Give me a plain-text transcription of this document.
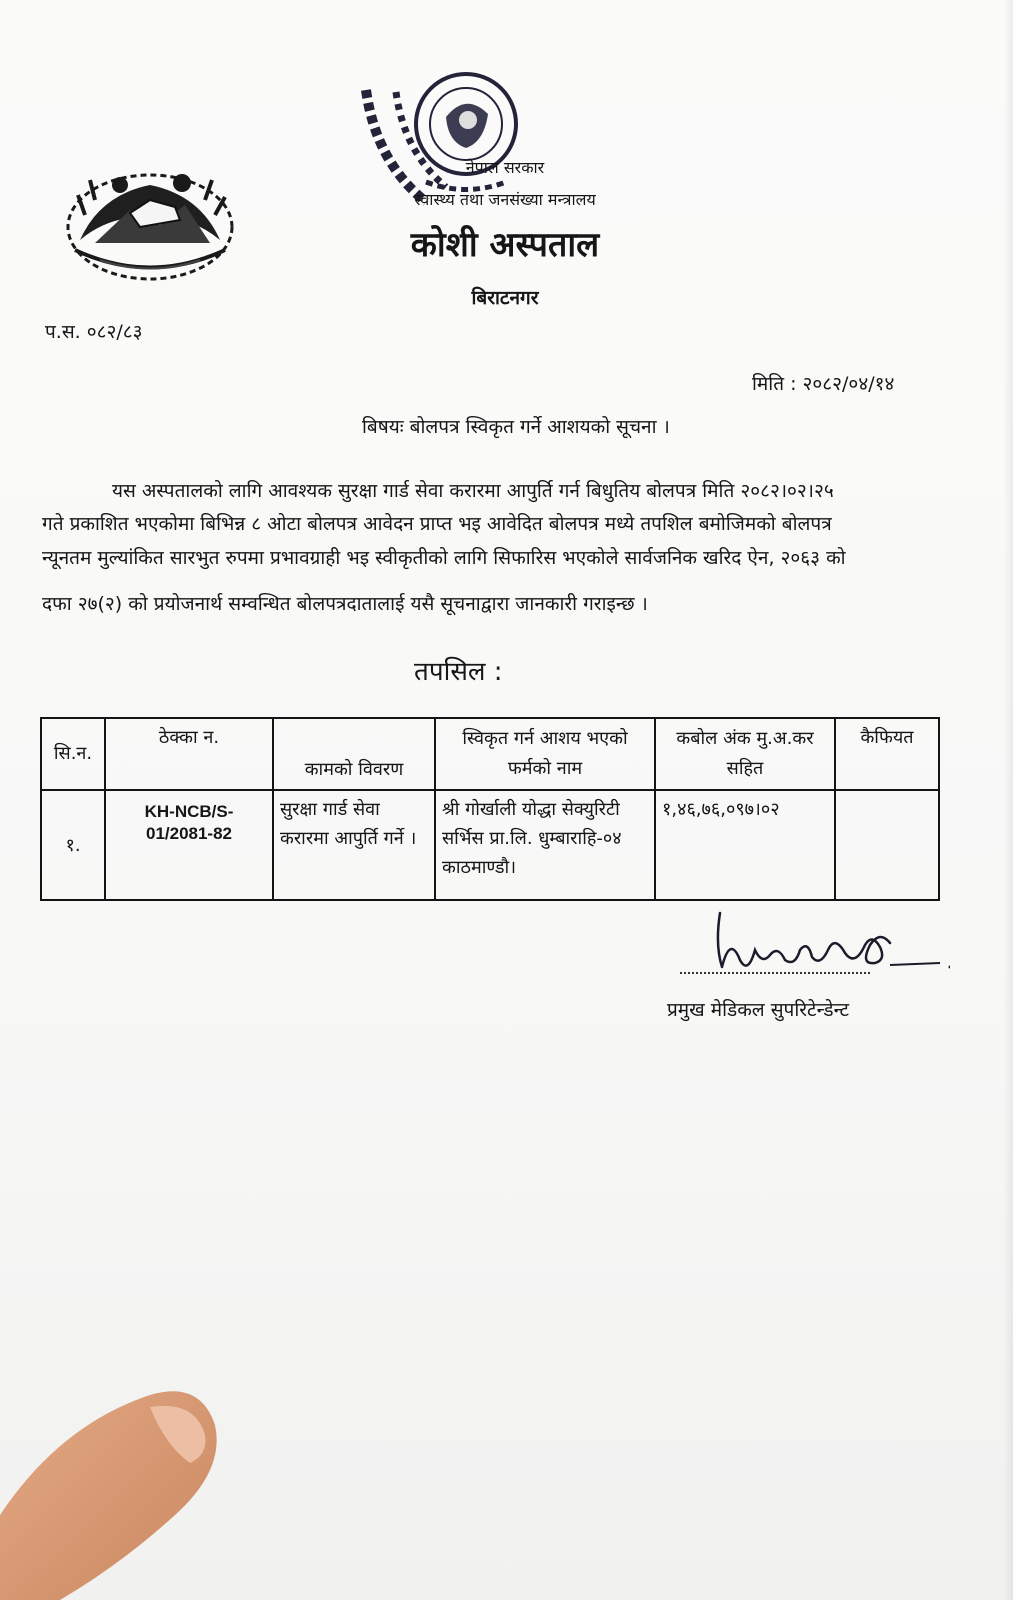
नेपाल सरकार
स्वास्थ्य तथा जनसंख्या मन्त्रालय
कोशी अस्पताल
बिराटनगर
प.स. ०८२/८३
मिति : २०८२/०४/१४
बिषयः बोलपत्र स्विकृत गर्ने आशयको सूचना ।
यस अस्पतालको लागि आवश्यक सुरक्षा गार्ड सेवा करारमा आपुर्ति गर्न बिधुतिय बोलपत्र मिति २०८२।०२।२५
गते प्रकाशित भएकोमा बिभिन्न ८ ओटा बोलपत्र आवेदन प्राप्त भइ आवेदित बोलपत्र मध्ये तपशिल बमोजिमको बोलपत्र
न्यूनतम मुल्यांकित सारभुत रुपमा प्रभावग्राही भइ स्वीकृतीको लागि सिफारिस भएकोले सार्वजनिक खरिद ऐन, २०६३ को
दफा २७(२) को प्रयोजनार्थ सम्वन्धित बोलपत्रदातालाई यसै सूचनाद्वारा जानकारी गराइन्छ ।
तपसिल :
सि.न.	ठेक्का न.	कामको विवरण	स्विकृत गर्न आशय भएको फर्मको नाम	कबोल अंक मु.अ.कर सहित	कैफियत
१.	KH-NCB/S-01/2081-82	सुरक्षा गार्ड सेवा करारमा आपुर्ति गर्ने ।	श्री गोर्खाली योद्धा सेक्युरिटी सर्भिस प्रा.लि. धुम्बाराहि-०४ काठमाण्डौ।	१,४६,७६,०९७।०२	
प्रमुख मेडिकल सुपरिटेन्डेन्ट
